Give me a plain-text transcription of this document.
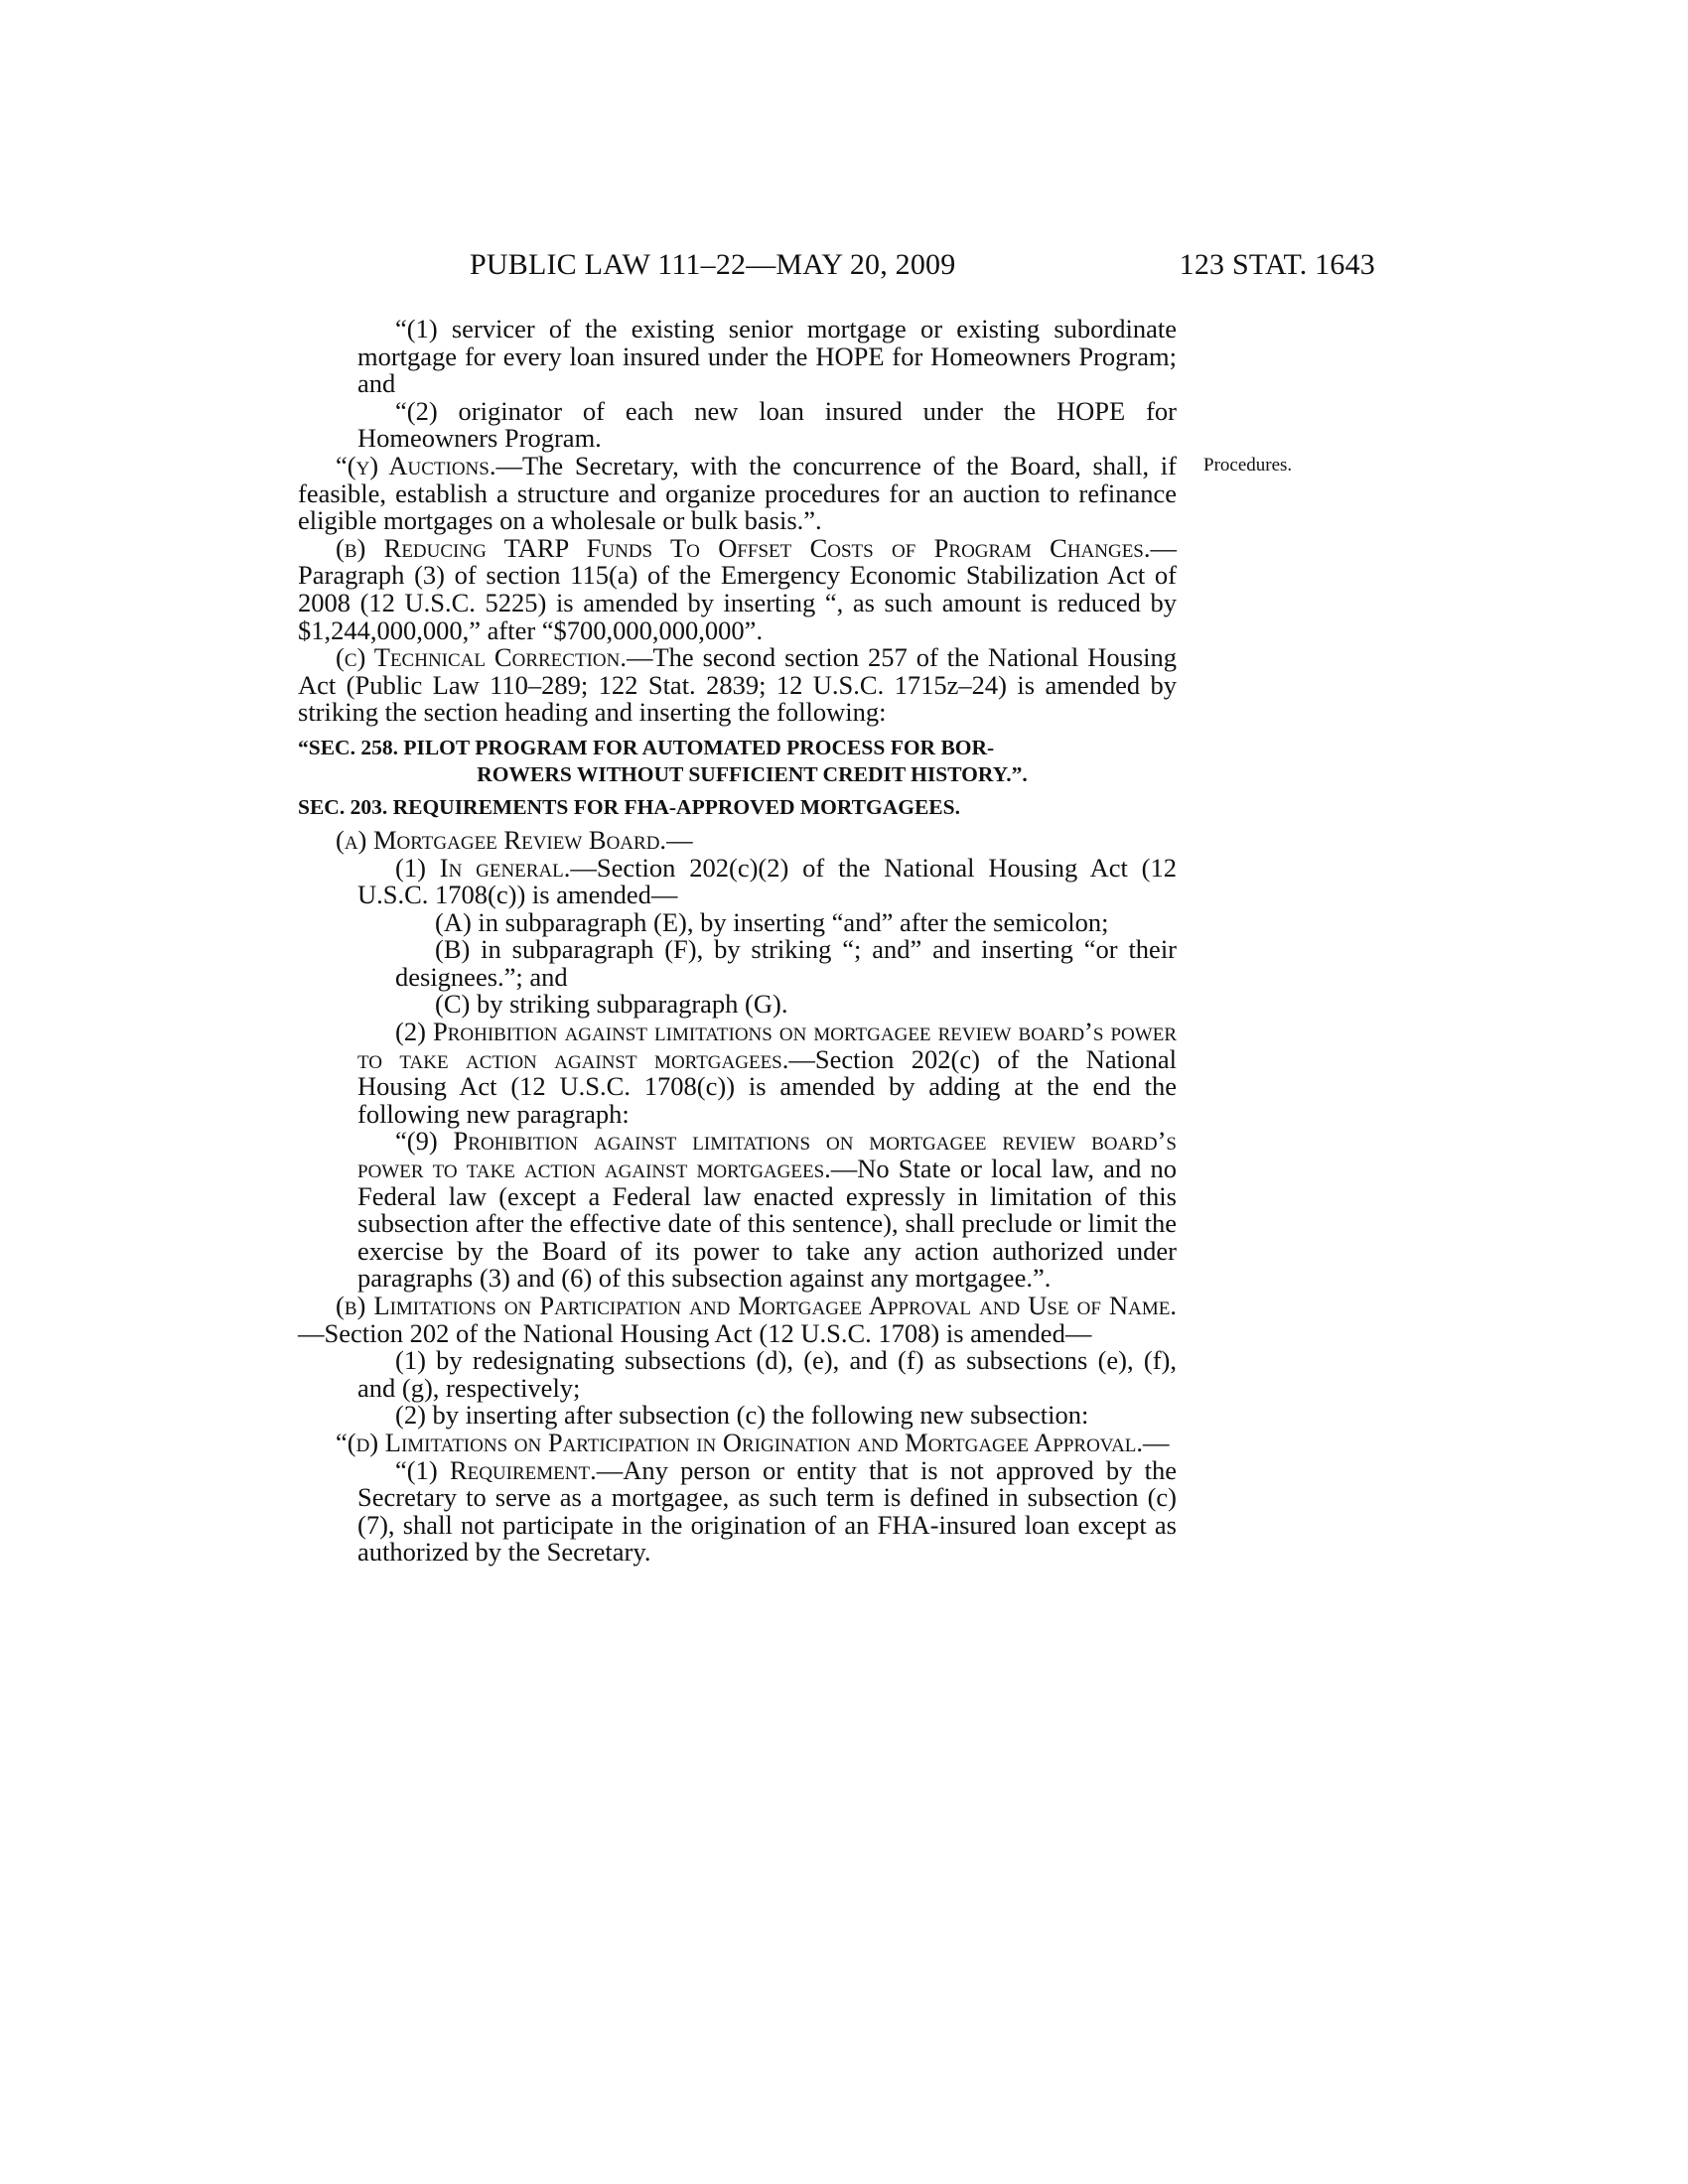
PUBLIC LAW 111–22—MAY 20, 2009	123 STAT. 1643
Procedures.

“(1) servicer of the existing senior mortgage or existing subordinate mortgage for every loan insured under the HOPE for Homeowners Program; and

“(2) originator of each new loan insured under the HOPE for Homeowners Program.

“(y) Auctions.—The Secretary, with the concurrence of the Board, shall, if feasible, establish a structure and organize procedures for an auction to refinance eligible mortgages on a wholesale or bulk basis.”.

(b) Reducing TARP Funds To Offset Costs of Program Changes.—Paragraph (3) of section 115(a) of the Emergency Economic Stabilization Act of 2008 (12 U.S.C. 5225) is amended by inserting “, as such amount is reduced by $1,244,000,000,” after “$700,000,000,000”.

(c) Technical Correction.—The second section 257 of the National Housing Act (Public Law 110–289; 122 Stat. 2839; 12 U.S.C. 1715z–24) is amended by striking the section heading and inserting the following:

“SEC. 258. PILOT PROGRAM FOR AUTOMATED PROCESS FOR BOR-
ROWERS WITHOUT SUFFICIENT CREDIT HISTORY.”.

SEC. 203. REQUIREMENTS FOR FHA-APPROVED MORTGAGEES.

(a) Mortgagee Review Board.—

(1) In general.—Section 202(c)(2) of the National Housing Act (12 U.S.C. 1708(c)) is amended—

(A) in subparagraph (E), by inserting “and” after the semicolon;

(B) in subparagraph (F), by striking “; and” and inserting “or their designees.”; and

(C) by striking subparagraph (G).

(2) Prohibition against limitations on mortgagee review board’s power to take action against mortgagees.—Section 202(c) of the National Housing Act (12 U.S.C. 1708(c)) is amended by adding at the end the following new paragraph:

“(9) Prohibition against limitations on mortgagee review board’s power to take action against mortgagees.—No State or local law, and no Federal law (except a Federal law enacted expressly in limitation of this subsection after the effective date of this sentence), shall preclude or limit the exercise by the Board of its power to take any action authorized under paragraphs (3) and (6) of this subsection against any mortgagee.”.

(b) Limitations on Participation and Mortgagee Approval and Use of Name.—Section 202 of the National Housing Act (12 U.S.C. 1708) is amended—

(1) by redesignating subsections (d), (e), and (f) as subsections (e), (f), and (g), respectively;

(2) by inserting after subsection (c) the following new subsection:

“(d) Limitations on Participation in Origination and Mortgagee Approval.—

“(1) Requirement.—Any person or entity that is not approved by the Secretary to serve as a mortgagee, as such term is defined in subsection (c)(7), shall not participate in the origination of an FHA-insured loan except as authorized by the Secretary.
